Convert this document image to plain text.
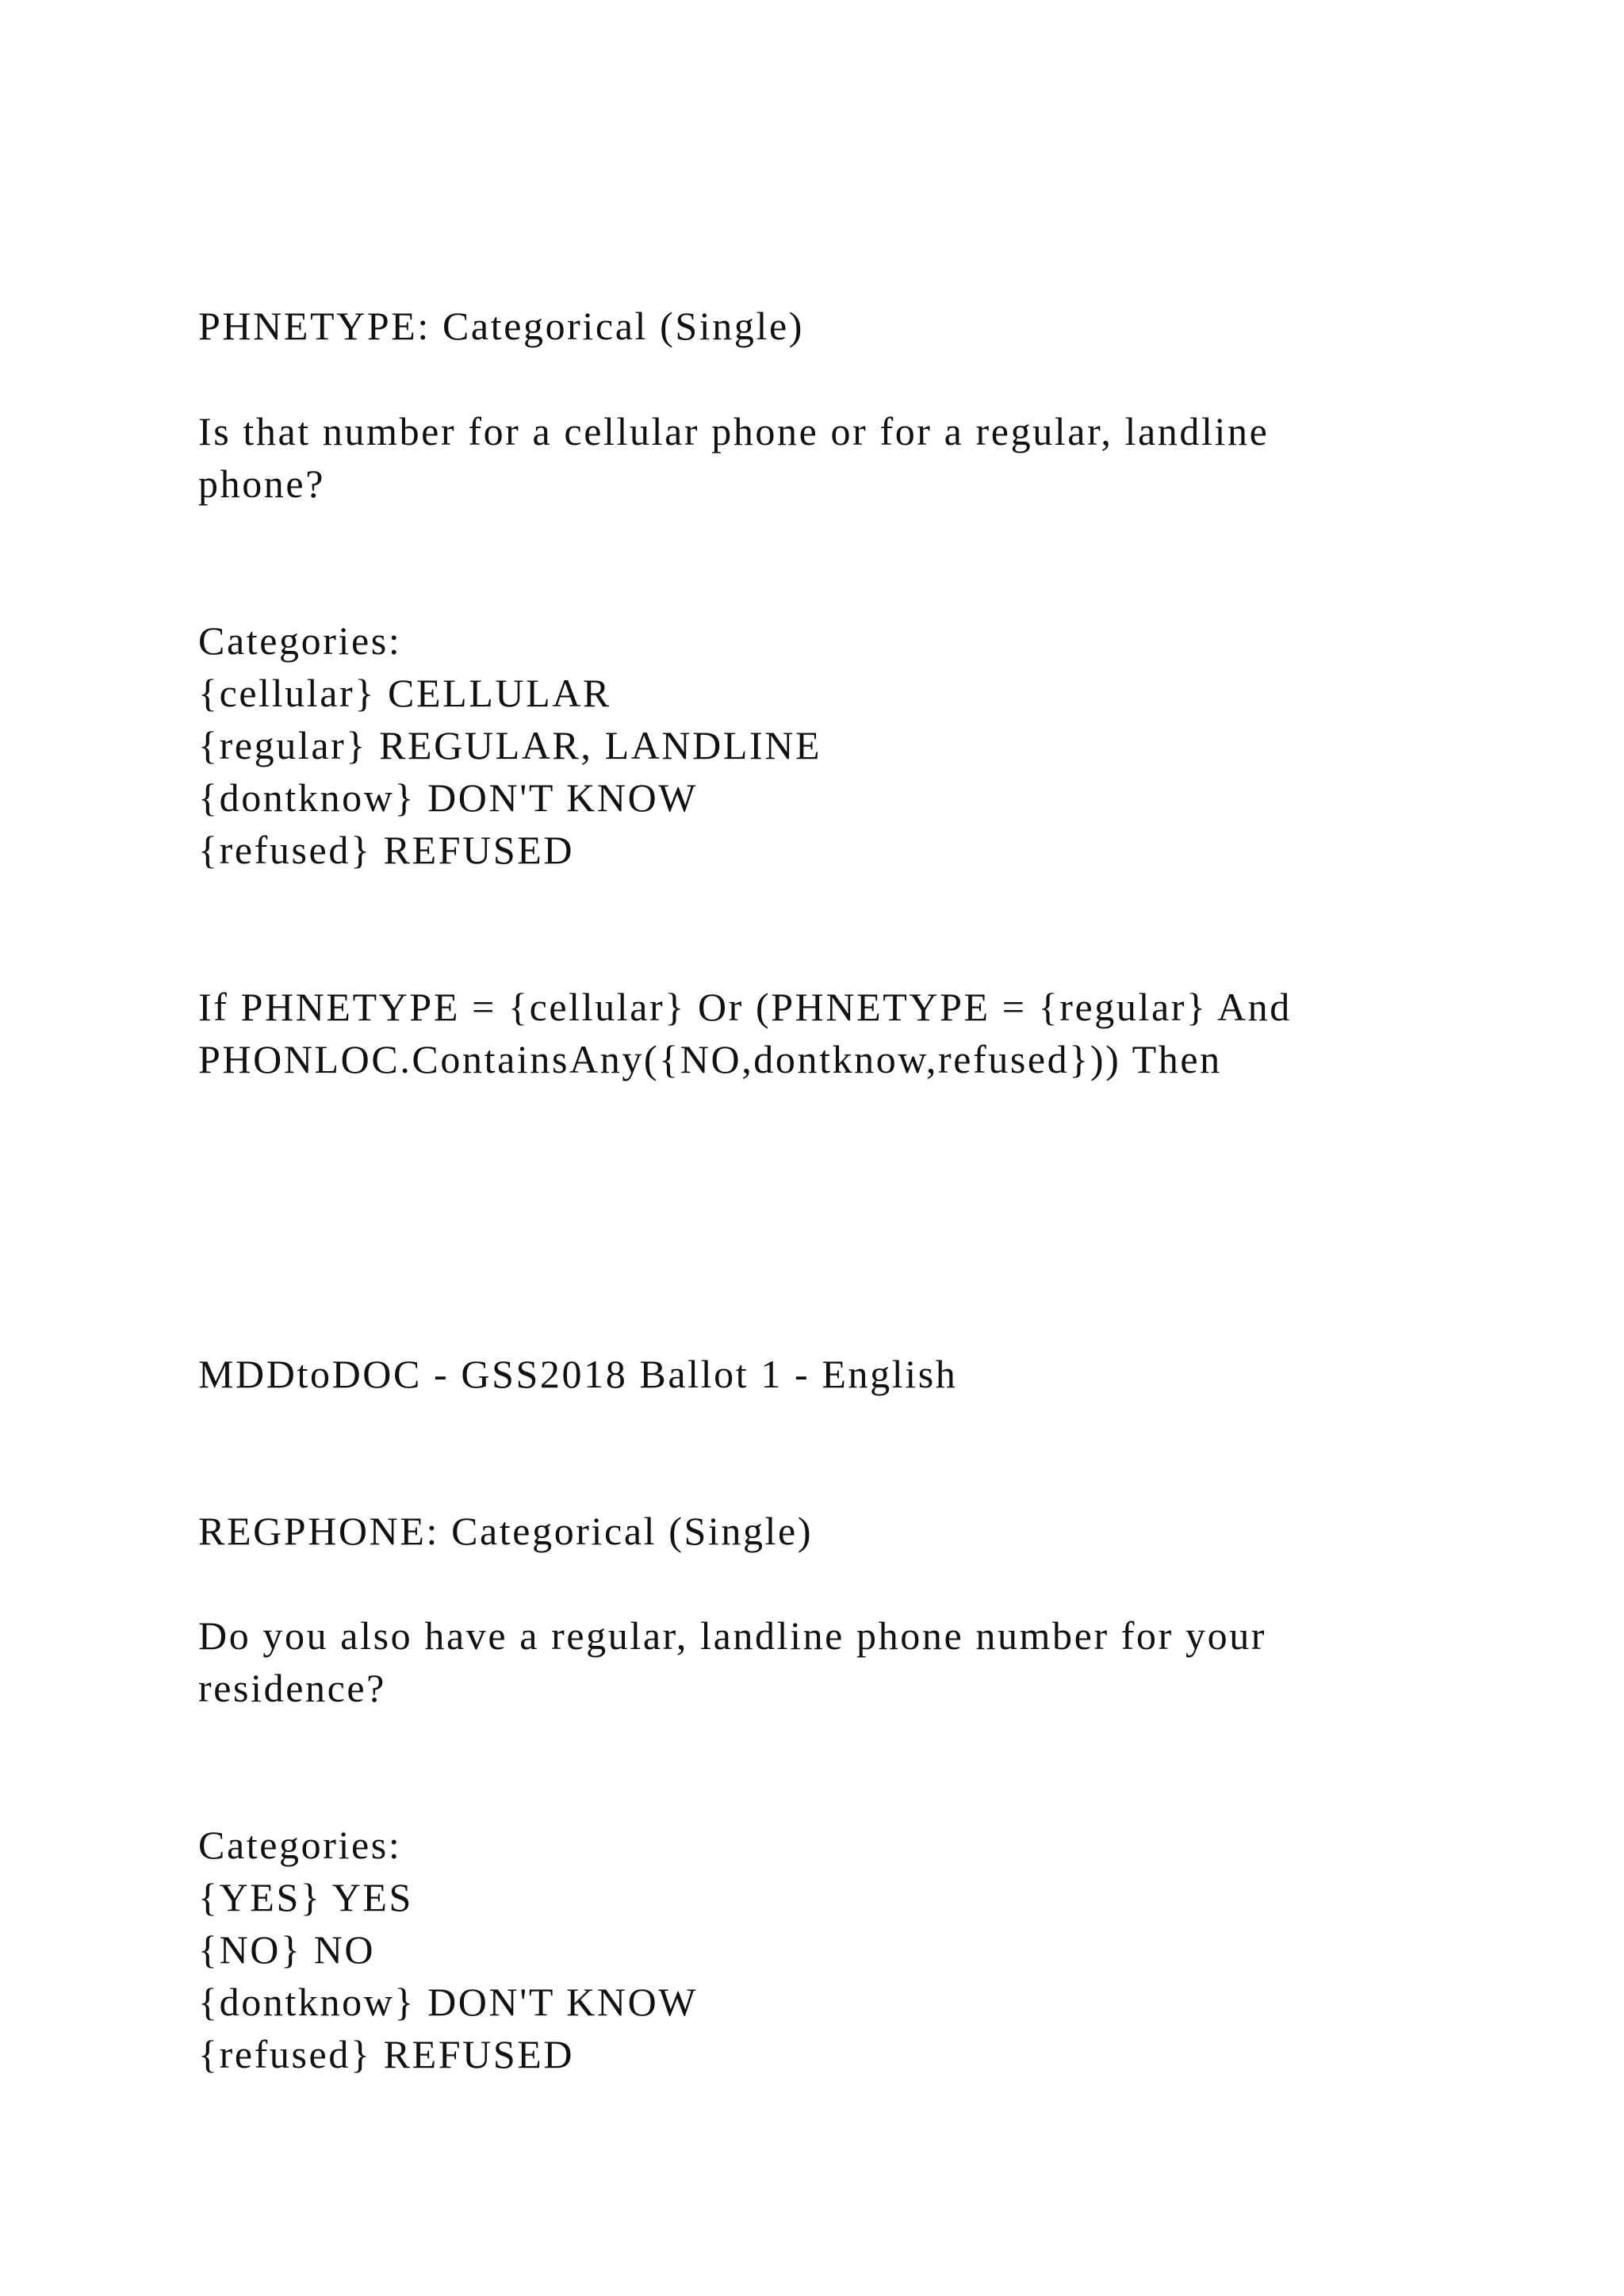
PHNETYPE: Categorical (Single)
Is that number for a cellular phone or for a regular, landline
phone?
Categories:
{cellular} CELLULAR
{regular} REGULAR, LANDLINE
{dontknow} DON'T KNOW
{refused} REFUSED
If PHNETYPE = {cellular} Or (PHNETYPE = {regular} And
PHONLOC.ContainsAny({NO,dontknow,refused})) Then
MDDtoDOC - GSS2018 Ballot 1 - English
REGPHONE: Categorical (Single)
Do you also have a regular, landline phone number for your
residence?
Categories:
{YES} YES
{NO} NO
{dontknow} DON'T KNOW
{refused} REFUSED
